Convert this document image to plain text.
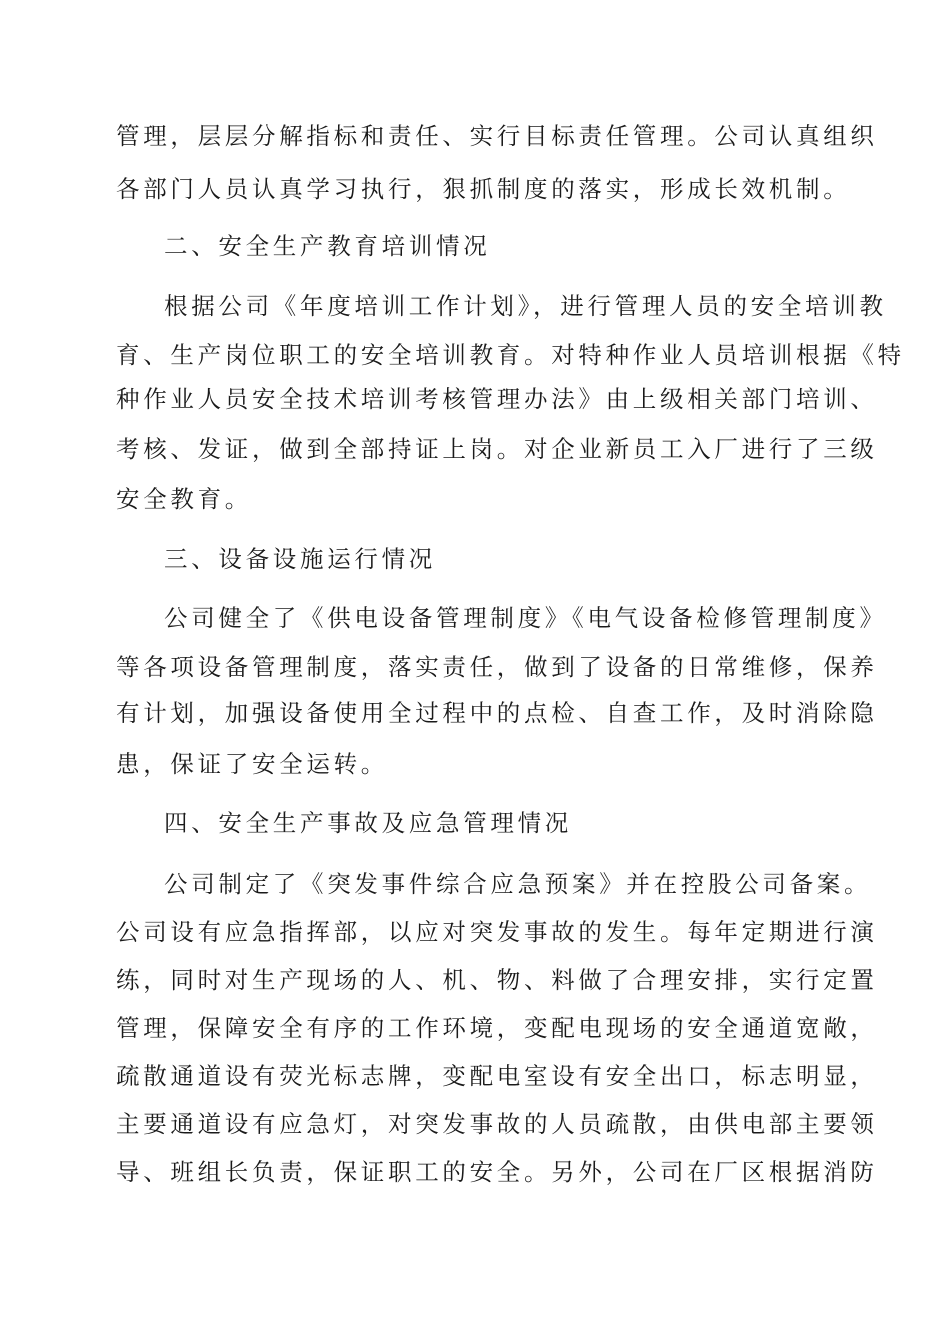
管理，层层分解指标和责任、实行目标责任管理。公司认真组织
各部门人员认真学习执行，狠抓制度的落实，形成长效机制。
二、安全生产教育培训情况
根据公司《年度培训工作计划》，进行管理人员的安全培训教
育、生产岗位职工的安全培训教育。对特种作业人员培训根据《特
种作业人员安全技术培训考核管理办法》由上级相关部门培训、
考核、发证，做到全部持证上岗。对企业新员工入厂进行了三级
安全教育。
三、设备设施运行情况
公司健全了《供电设备管理制度》《电气设备检修管理制度》
等各项设备管理制度，落实责任，做到了设备的日常维修，保养
有计划，加强设备使用全过程中的点检、自查工作，及时消除隐
患，保证了安全运转。
四、安全生产事故及应急管理情况
公司制定了《突发事件综合应急预案》并在控股公司备案。
公司设有应急指挥部，以应对突发事故的发生。每年定期进行演
练，同时对生产现场的人、机、物、料做了合理安排，实行定置
管理，保障安全有序的工作环境，变配电现场的安全通道宽敞，
疏散通道设有荧光标志牌，变配电室设有安全出口，标志明显，
主要通道设有应急灯，对突发事故的人员疏散，由供电部主要领
导、班组长负责，保证职工的安全。另外，公司在厂区根据消防
